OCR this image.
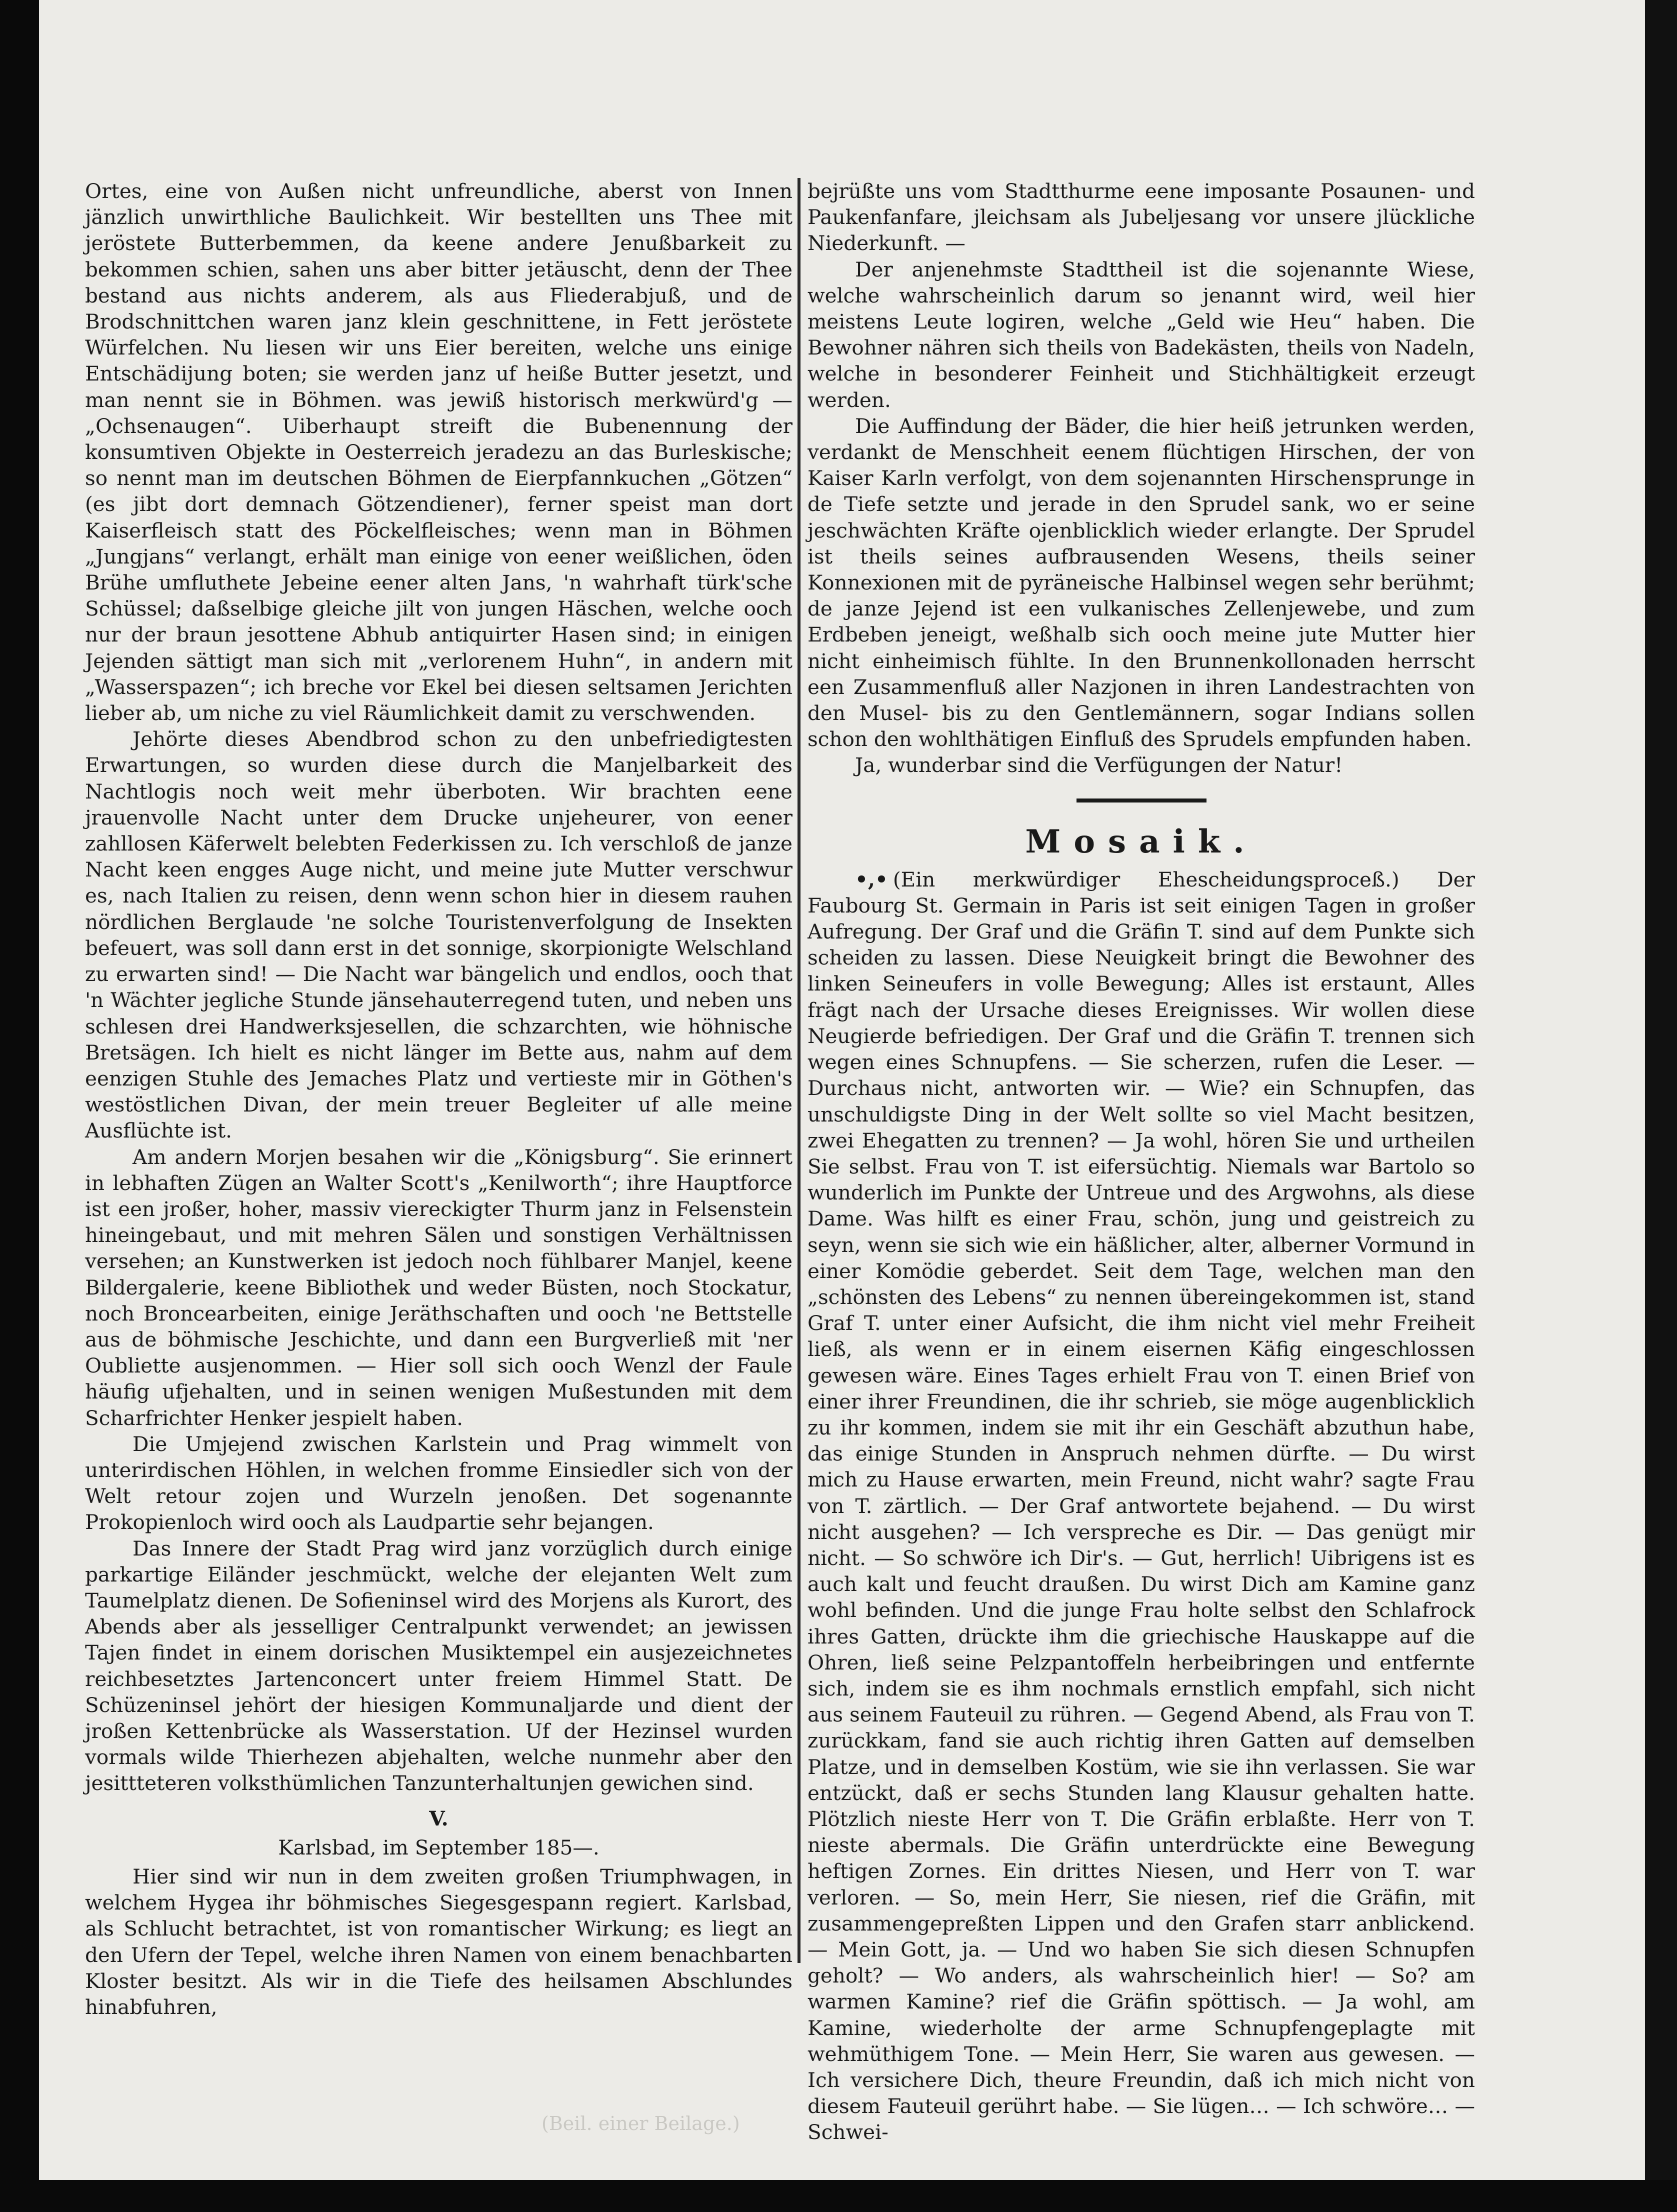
(Beil. einer Beilage.)

Ortes, eine von Außen nicht unfreundliche, aberst von Innen jänzlich unwirthliche Baulichkeit. Wir bestellten uns Thee mit jeröstete Butterbemmen, da keene andere Jenußbarkeit zu bekommen schien, sahen uns aber bitter jetäuscht, denn der Thee bestand aus nichts anderem, als aus Fliederabjuß, und de Brodschnittchen waren janz klein geschnittene, in Fett jeröstete Würfelchen. Nu liesen wir uns Eier bereiten, welche uns einige Entschädijung boten; sie werden janz uf heiße Butter jesetzt, und man nennt sie in Böhmen. was jewiß historisch merkwürd'g — „Ochsenaugen“. Uiberhaupt streift die Bubenennung der konsumtiven Objekte in Oesterreich jeradezu an das Burleskische; so nennt man im deutschen Böhmen de Eierpfannkuchen „Götzen“ (es jibt dort demnach Götzendiener), ferner speist man dort Kaiserfleisch statt des Pöckelfleisches; wenn man in Böhmen „Jungjans“ verlangt, erhält man einige von eener weißlichen, öden Brühe umfluthete Jebeine eener alten Jans, 'n wahrhaft türk'sche Schüssel; daßselbige gleiche jilt von jungen Häschen, welche ooch nur der braun jesottene Abhub antiquirter Hasen sind; in einigen Jejenden sättigt man sich mit „verlorenem Huhn“, in andern mit „Wasserspazen“; ich breche vor Ekel bei diesen seltsamen Jerichten lieber ab, um niche zu viel Räumlichkeit damit zu verschwenden.

Jehörte dieses Abendbrod schon zu den unbefriedigtesten Erwartungen, so wurden diese durch die Manjelbarkeit des Nachtlogis noch weit mehr überboten. Wir brachten eene jrauenvolle Nacht unter dem Drucke unjeheurer, von eener zahllosen Käferwelt belebten Federkissen zu. Ich verschloß de janze Nacht keen engges Auge nicht, und meine jute Mutter verschwur es, nach Italien zu reisen, denn wenn schon hier in diesem rauhen nördlichen Berglaude 'ne solche Touristenverfolgung de Insekten befeuert, was soll dann erst in det sonnige, skorpionigte Welschland zu erwarten sind! — Die Nacht war bängelich und endlos, ooch that 'n Wächter jegliche Stunde jänsehauterregend tuten, und neben uns schlesen drei Handwerksjesellen, die schzarchten, wie höhnische Bretsägen. Ich hielt es nicht länger im Bette aus, nahm auf dem eenzigen Stuhle des Jemaches Platz und vertieste mir in Göthen's westöstlichen Divan, der mein treuer Begleiter uf alle meine Ausflüchte ist.

Am andern Morjen besahen wir die „Königsburg“. Sie erinnert in lebhaften Zügen an Walter Scott's „Kenilworth“; ihre Hauptforce ist een jroßer, hoher, massiv viereckigter Thurm janz in Felsenstein hineingebaut, und mit mehren Sälen und sonstigen Verhältnissen versehen; an Kunstwerken ist jedoch noch fühlbarer Manjel, keene Bildergalerie, keene Bibliothek und weder Büsten, noch Stockatur, noch Broncearbeiten, einige Jeräthschaften und ooch 'ne Bettstelle aus de böhmische Jeschichte, und dann een Burgverließ mit 'ner Oubliette ausjenommen. — Hier soll sich ooch Wenzl der Faule häufig ufjehalten, und in seinen wenigen Mußestunden mit dem Scharfrichter Henker jespielt haben.

Die Umjejend zwischen Karlstein und Prag wimmelt von unterirdischen Höhlen, in welchen fromme Einsiedler sich von der Welt retour zojen und Wurzeln jenoßen. Det sogenannte Prokopienloch wird ooch als Laudpartie sehr bejangen.

Das Innere der Stadt Prag wird janz vorzüglich durch einige parkartige Eiländer jeschmückt, welche der elejanten Welt zum Taumelplatz dienen. De Sofieninsel wird des Morjens als Kurort, des Abends aber als jesselliger Centralpunkt verwendet; an jewissen Tajen findet in einem dorischen Musiktempel ein ausjezeichnetes reichbesetztes Jartenconcert unter freiem Himmel Statt. De Schüzeninsel jehört der hiesigen Kommunaljarde und dient der jroßen Kettenbrücke als Wasserstation. Uf der Hezinsel wurden vormals wilde Thierhezen abjehalten, welche nunmehr aber den jesittteteren volksthümlichen Tanzunterhaltunjen gewichen sind.

V.
Karlsbad, im September 185—.

Hier sind wir nun in dem zweiten großen Triumphwagen, in welchem Hygea ihr böhmisches Siegesgespann regiert. Karlsbad, als Schlucht betrachtet, ist von romantischer Wirkung; es liegt an den Ufern der Tepel, welche ihren Namen von einem benachbarten Kloster besitzt. Als wir in die Tiefe des heilsamen Abschlundes hinabfuhren,

bejrüßte uns vom Stadtthurme eene imposante Posaunen- und Paukenfanfare, jleichsam als Jubeljesang vor unsere jlückliche Niederkunft. —

Der anjenehmste Stadttheil ist die sojenannte Wiese, welche wahrscheinlich darum so jenannt wird, weil hier meistens Leute logiren, welche „Geld wie Heu“ haben. Die Bewohner nähren sich theils von Badekästen, theils von Nadeln, welche in besonderer Feinheit und Stichhältigkeit erzeugt werden.

Die Auffindung der Bäder, die hier heiß jetrunken werden, verdankt de Menschheit eenem flüchtigen Hirschen, der von Kaiser Karln verfolgt, von dem sojenannten Hirschensprunge in de Tiefe setzte und jerade in den Sprudel sank, wo er seine jeschwächten Kräfte ojenblicklich wieder erlangte. Der Sprudel ist theils seines aufbrausenden Wesens, theils seiner Konnexionen mit de pyräneische Halbinsel wegen sehr berühmt; de janze Jejend ist een vulkanisches Zellenjewebe, und zum Erdbeben jeneigt, weßhalb sich ooch meine jute Mutter hier nicht einheimisch fühlte. In den Brunnenkollonaden herrscht een Zusammenfluß aller Nazjonen in ihren Landestrachten von den Musel- bis zu den Gentlemännern, sogar Indians sollen schon den wohlthätigen Einfluß des Sprudels empfunden haben.

Ja, wunderbar sind die Verfügungen der Natur!

Mosaik.

•,• (Ein merkwürdiger Ehescheidungsproceß.) Der Faubourg St. Germain in Paris ist seit einigen Tagen in großer Aufregung. Der Graf und die Gräfin T. sind auf dem Punkte sich scheiden zu lassen. Diese Neuigkeit bringt die Bewohner des linken Seineufers in volle Bewegung; Alles ist erstaunt, Alles frägt nach der Ursache dieses Ereignisses. Wir wollen diese Neugierde befriedigen. Der Graf und die Gräfin T. trennen sich wegen eines Schnupfens. — Sie scherzen, rufen die Leser. — Durchaus nicht, antworten wir. — Wie? ein Schnupfen, das unschuldigste Ding in der Welt sollte so viel Macht besitzen, zwei Ehegatten zu trennen? — Ja wohl, hören Sie und urtheilen Sie selbst. Frau von T. ist eifersüchtig. Niemals war Bartolo so wunderlich im Punkte der Untreue und des Argwohns, als diese Dame. Was hilft es einer Frau, schön, jung und geistreich zu seyn, wenn sie sich wie ein häßlicher, alter, alberner Vormund in einer Komödie geberdet. Seit dem Tage, welchen man den „schönsten des Lebens“ zu nennen übereingekommen ist, stand Graf T. unter einer Aufsicht, die ihm nicht viel mehr Freiheit ließ, als wenn er in einem eisernen Käfig eingeschlossen gewesen wäre. Eines Tages erhielt Frau von T. einen Brief von einer ihrer Freundinen, die ihr schrieb, sie möge augenblicklich zu ihr kommen, indem sie mit ihr ein Geschäft abzuthun habe, das einige Stunden in Anspruch nehmen dürfte. — Du wirst mich zu Hause erwarten, mein Freund, nicht wahr? sagte Frau von T. zärtlich. — Der Graf antwortete bejahend. — Du wirst nicht ausgehen? — Ich verspreche es Dir. — Das genügt mir nicht. — So schwöre ich Dir's. — Gut, herrlich! Uibrigens ist es auch kalt und feucht draußen. Du wirst Dich am Kamine ganz wohl befinden. Und die junge Frau holte selbst den Schlafrock ihres Gatten, drückte ihm die griechische Hauskappe auf die Ohren, ließ seine Pelzpantoffeln herbeibringen und entfernte sich, indem sie es ihm nochmals ernstlich empfahl, sich nicht aus seinem Fauteuil zu rühren. — Gegend Abend, als Frau von T. zurückkam, fand sie auch richtig ihren Gatten auf demselben Platze, und in demselben Kostüm, wie sie ihn verlassen. Sie war entzückt, daß er sechs Stunden lang Klausur gehalten hatte. Plötzlich nieste Herr von T. Die Gräfin erblaßte. Herr von T. nieste abermals. Die Gräfin unterdrückte eine Bewegung heftigen Zornes. Ein drittes Niesen, und Herr von T. war verloren. — So, mein Herr, Sie niesen, rief die Gräfin, mit zusammengepreßten Lippen und den Grafen starr anblickend. — Mein Gott, ja. — Und wo haben Sie sich diesen Schnupfen geholt? — Wo anders, als wahrscheinlich hier! — So? am warmen Kamine? rief die Gräfin spöttisch. — Ja wohl, am Kamine, wiederholte der arme Schnupfengeplagte mit wehmüthigem Tone. — Mein Herr, Sie waren aus gewesen. — Ich versichere Dich, theure Freundin, daß ich mich nicht von diesem Fauteuil gerührt habe. — Sie lügen… — Ich schwöre… — Schwei-
